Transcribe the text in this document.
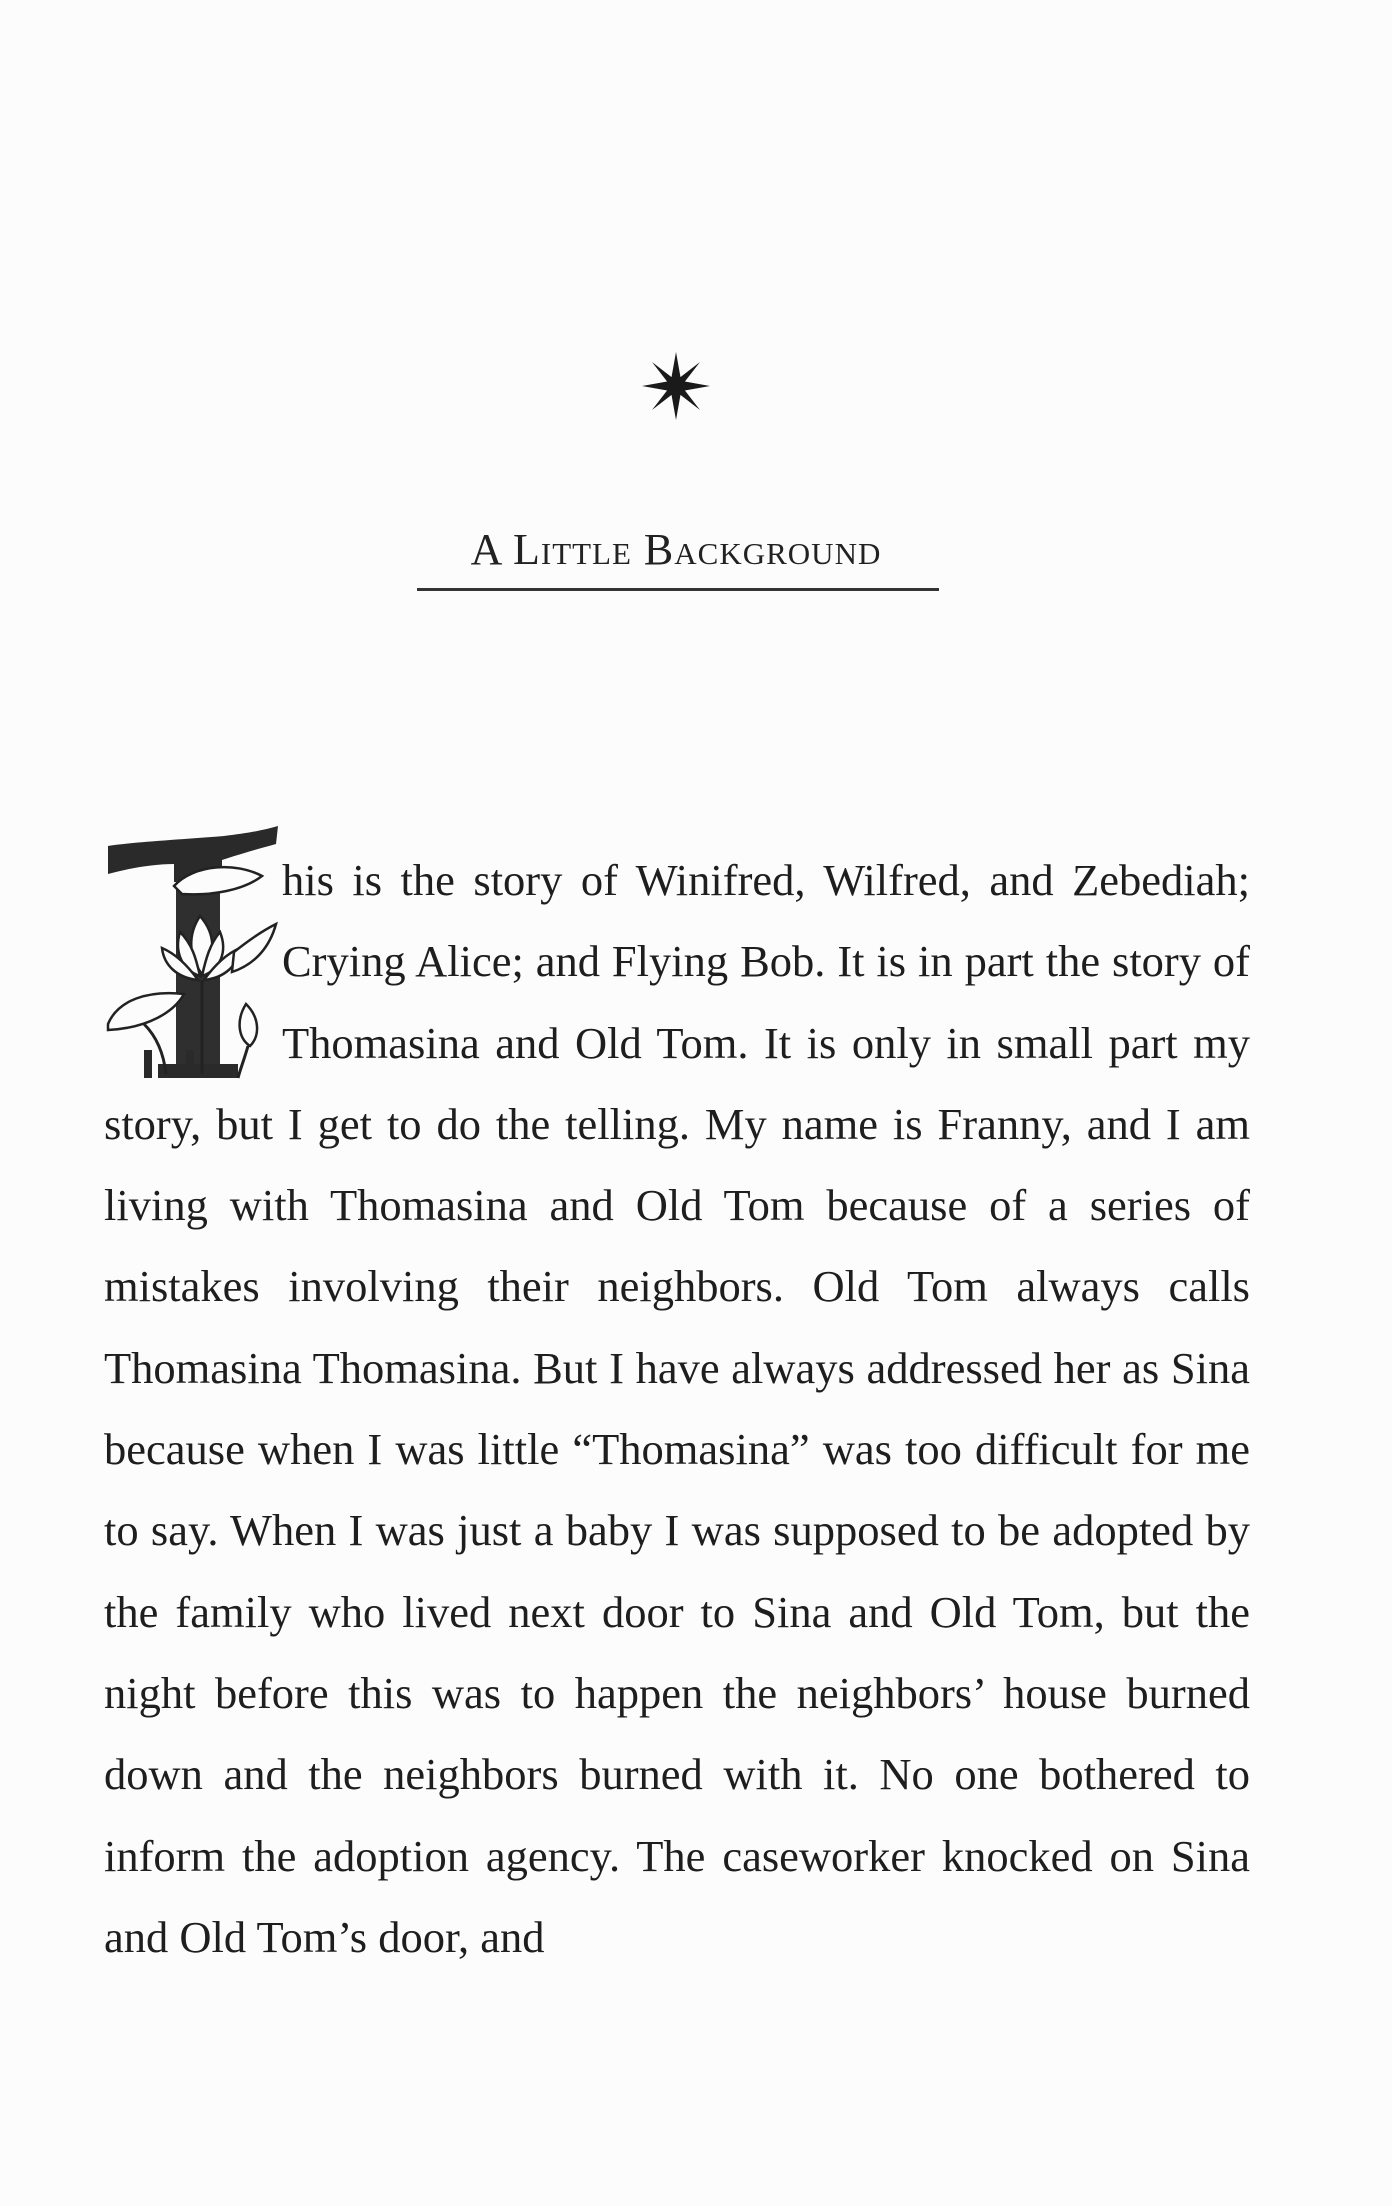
A Little Background

his is the story of Winifred, Wilfred, and Zebediah; Crying Alice; and Flying Bob. It is in part the story of Thomasina and Old Tom. It is only in small part my story, but I get to do the telling. My name is Franny, and I am living with Thomasina and Old Tom because of a series of mistakes involving their neighbors. Old Tom always calls Thomasina Thomasina. But I have always addressed her as Sina because when I was little “Thomasina” was too difficult for me to say. When I was just a baby I was supposed to be adopted by the family who lived next door to Sina and Old Tom, but the night before this was to happen the neighbors’ house burned down and the neighbors burned with it. No one bothered to inform the adoption agency. The caseworker knocked on Sina and Old Tom’s door, and
